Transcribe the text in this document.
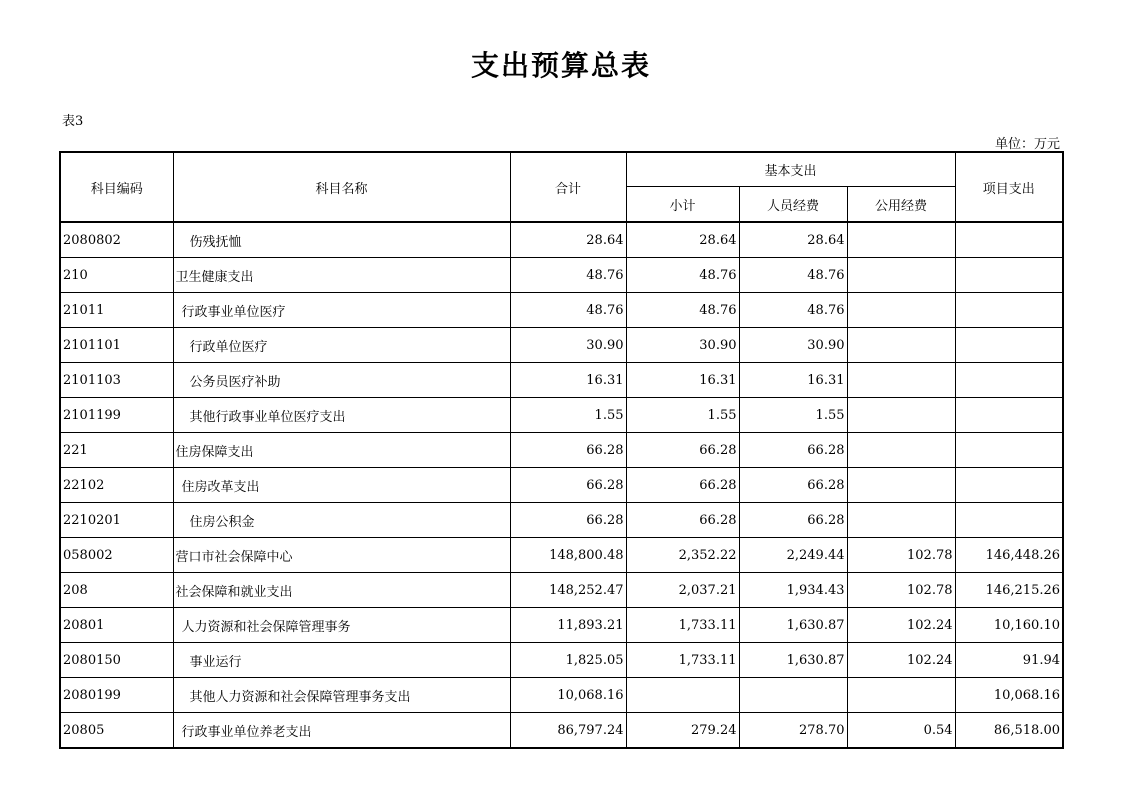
支出预算总表
表3
单位：万元
科目编码	科目名称	合计	基本支出			项目支出
			小计	人员经费	公用经费	
2080802	伤残抚恤	28.64	28.64	28.64		
210	卫生健康支出	48.76	48.76	48.76		
21011	行政事业单位医疗	48.76	48.76	48.76		
2101101	行政单位医疗	30.90	30.90	30.90		
2101103	公务员医疗补助	16.31	16.31	16.31		
2101199	其他行政事业单位医疗支出	1.55	1.55	1.55		
221	住房保障支出	66.28	66.28	66.28		
22102	住房改革支出	66.28	66.28	66.28		
2210201	住房公积金	66.28	66.28	66.28		
058002	营口市社会保障中心	148,800.48	2,352.22	2,249.44	102.78	146,448.26
208	社会保障和就业支出	148,252.47	2,037.21	1,934.43	102.78	146,215.26
20801	人力资源和社会保障管理事务	11,893.21	1,733.11	1,630.87	102.24	10,160.10
2080150	事业运行	1,825.05	1,733.11	1,630.87	102.24	91.94
2080199	其他人力资源和社会保障管理事务支出	10,068.16				10,068.16
20805	行政事业单位养老支出	86,797.24	279.24	278.70	0.54	86,518.00
